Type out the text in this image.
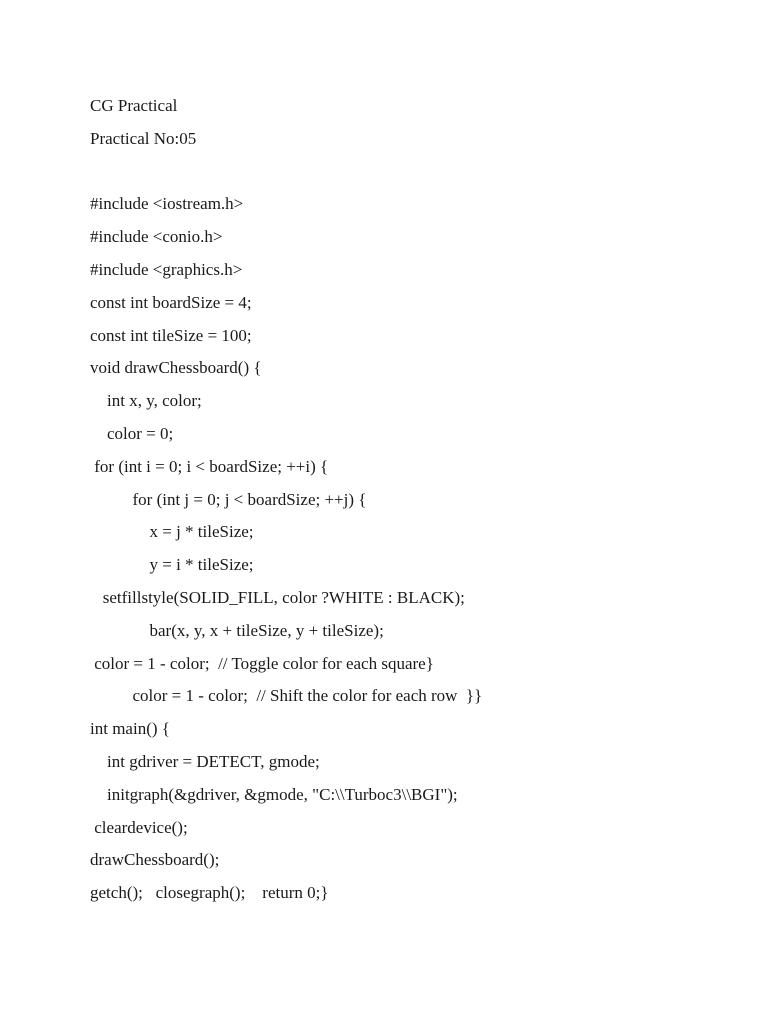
CG Practical
Practical No:05
#include <iostream.h>
#include <conio.h>
#include <graphics.h>
const int boardSize = 4;
const int tileSize = 100;
void drawChessboard() {
int x, y, color;
color = 0;
for (int i = 0; i < boardSize; ++i) {
for (int j = 0; j < boardSize; ++j) {
x = j * tileSize;
y = i * tileSize;
setfillstyle(SOLID_FILL, color ?WHITE : BLACK);
bar(x, y, x + tileSize, y + tileSize);
color = 1 - color;  // Toggle color for each square}
color = 1 - color;  // Shift the color for each row  }}
int main() {
int gdriver = DETECT, gmode;
initgraph(&gdriver, &gmode, "C:\\Turboc3\\BGI");
cleardevice();
drawChessboard();
getch();   closegraph();    return 0;}
